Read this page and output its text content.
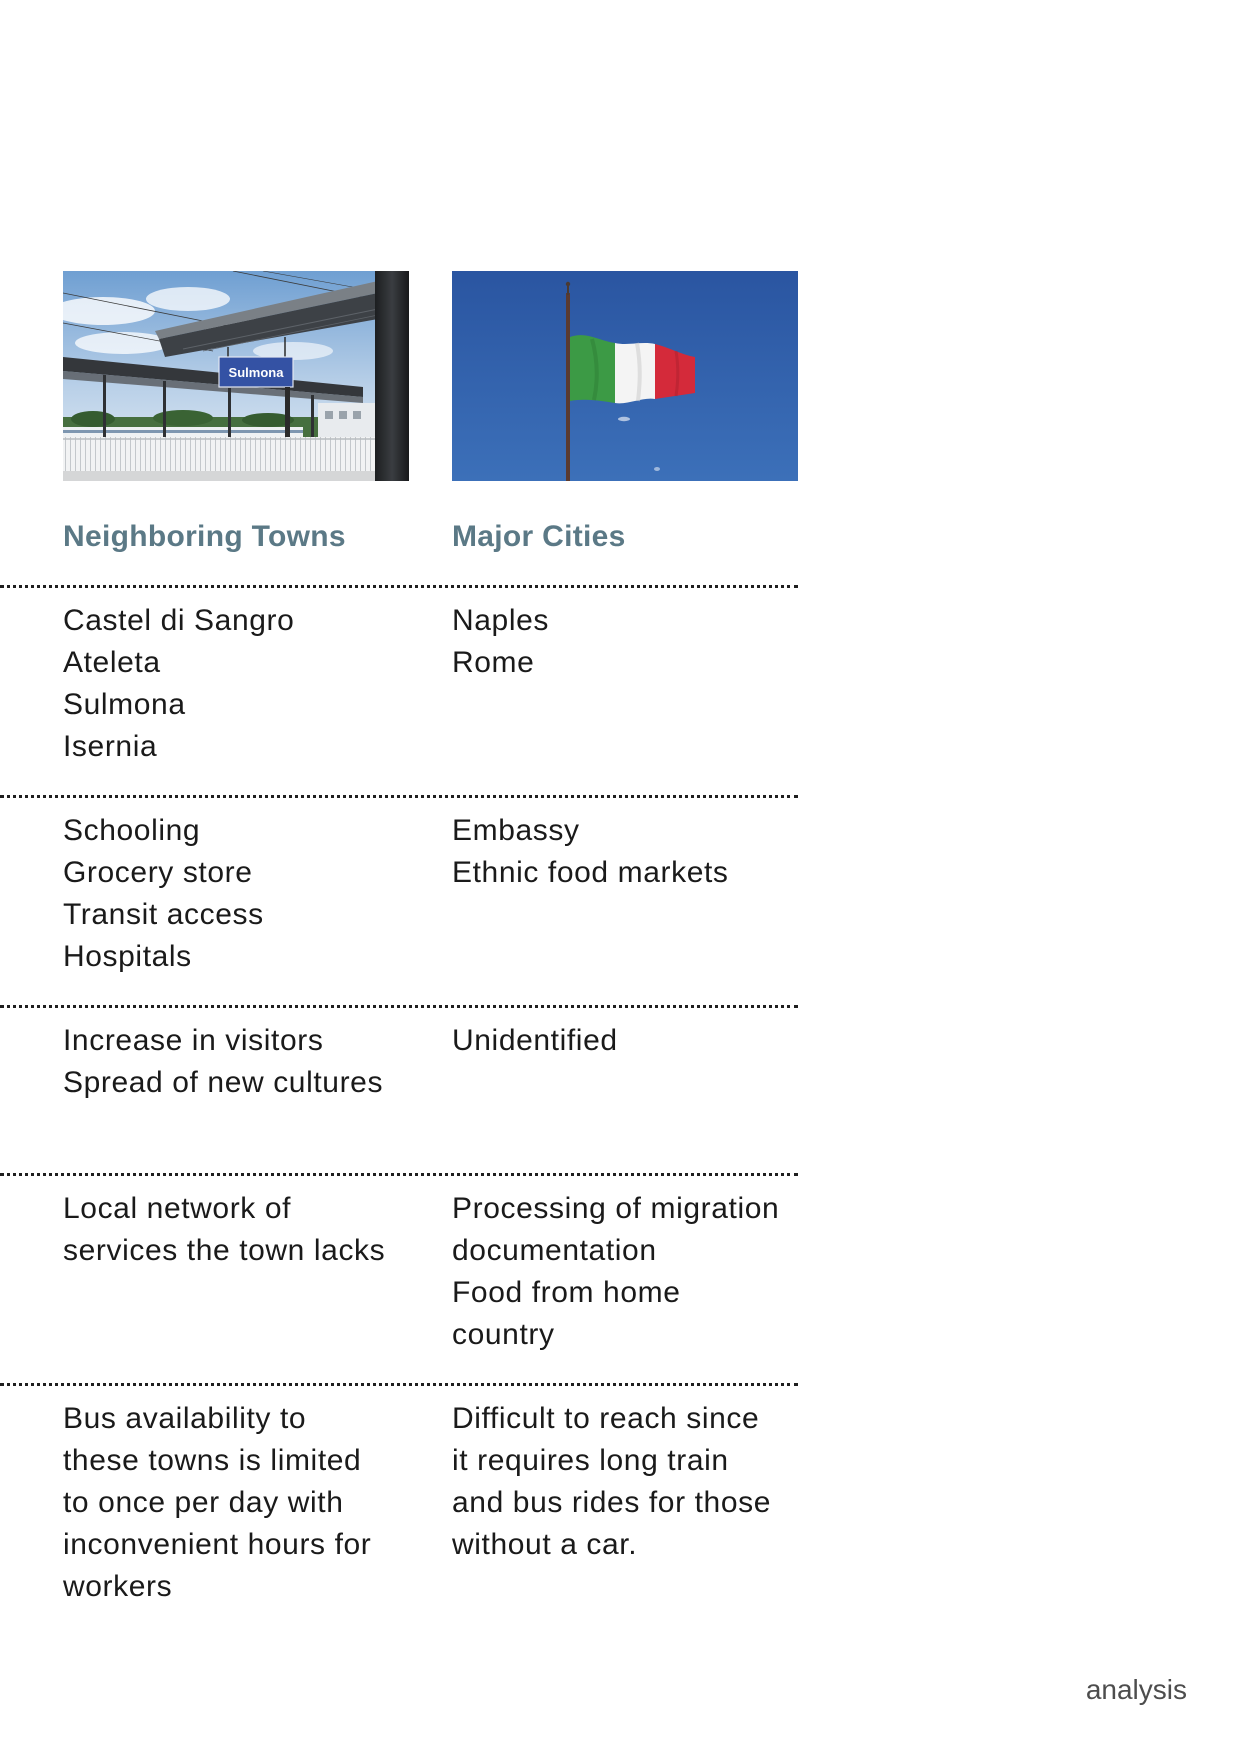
Sulmona
Neighboring Towns	Major Cities
Castel di Sangro
Ateleta
Sulmona
Isernia
Naples
Rome
Schooling
Grocery store
Transit access
Hospitals
Embassy
Ethnic food markets
Increase in visitors
Spread of new cultures
Unidentified
Local network of
services the town lacks
Processing of migration
documentation
Food from home
country
Bus availability to
these towns is limited
to once per day with
inconvenient hours for
workers
Difficult to reach since
it requires long train
and bus rides for those
without a car.
analysis
